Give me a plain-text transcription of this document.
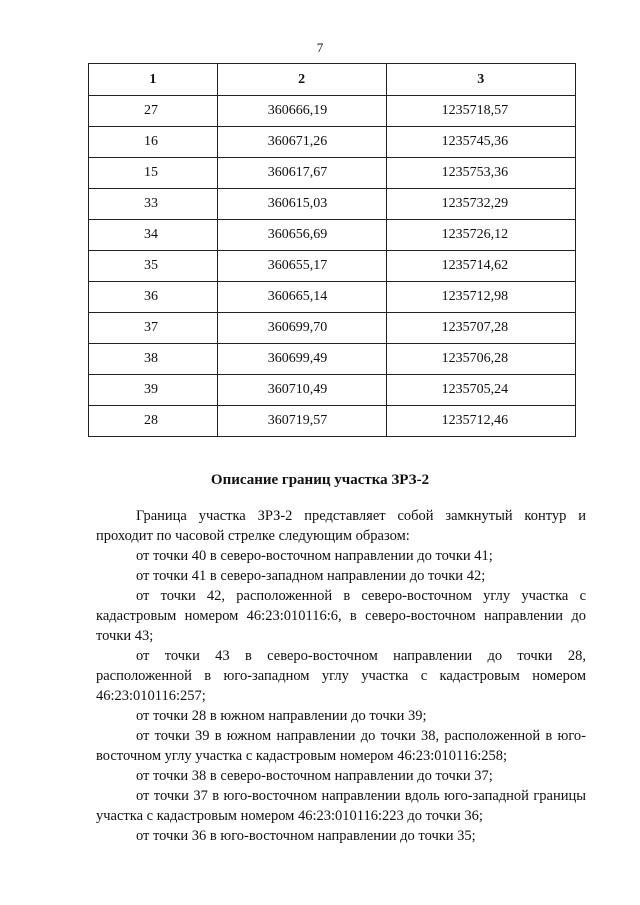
7
1	2	3
27	360666,19	1235718,57
16	360671,26	1235745,36
15	360617,67	1235753,36
33	360615,03	1235732,29
34	360656,69	1235726,12
35	360655,17	1235714,62
36	360665,14	1235712,98
37	360699,70	1235707,28
38	360699,49	1235706,28
39	360710,49	1235705,24
28	360719,57	1235712,46
Описание границ участка ЗРЗ-2

Граница участка ЗРЗ-2 представляет собой замкнутый контур и проходит по часовой стрелке следующим образом:

от точки 40 в северо-восточном направлении до точки 41;

от точки 41 в северо-западном направлении до точки 42;

от точки 42, расположенной в северо-восточном углу участка с кадастровым номером 46:23:010116:6, в северо-восточном направлении до точки 43;

от точки 43 в северо-восточном направлении до точки 28, расположенной в юго-западном углу участка с кадастровым номером 46:23:010116:257;

от точки 28 в южном направлении до точки 39;

от точки 39 в южном направлении до точки 38, расположенной в юго-восточном углу участка с кадастровым номером 46:23:010116:258;

от точки 38 в северо-восточном направлении до точки 37;

от точки 37 в юго-восточном направлении вдоль юго-западной границы участка с кадастровым номером 46:23:010116:223 до точки 36;

от точки 36 в юго-восточном направлении до точки 35;
